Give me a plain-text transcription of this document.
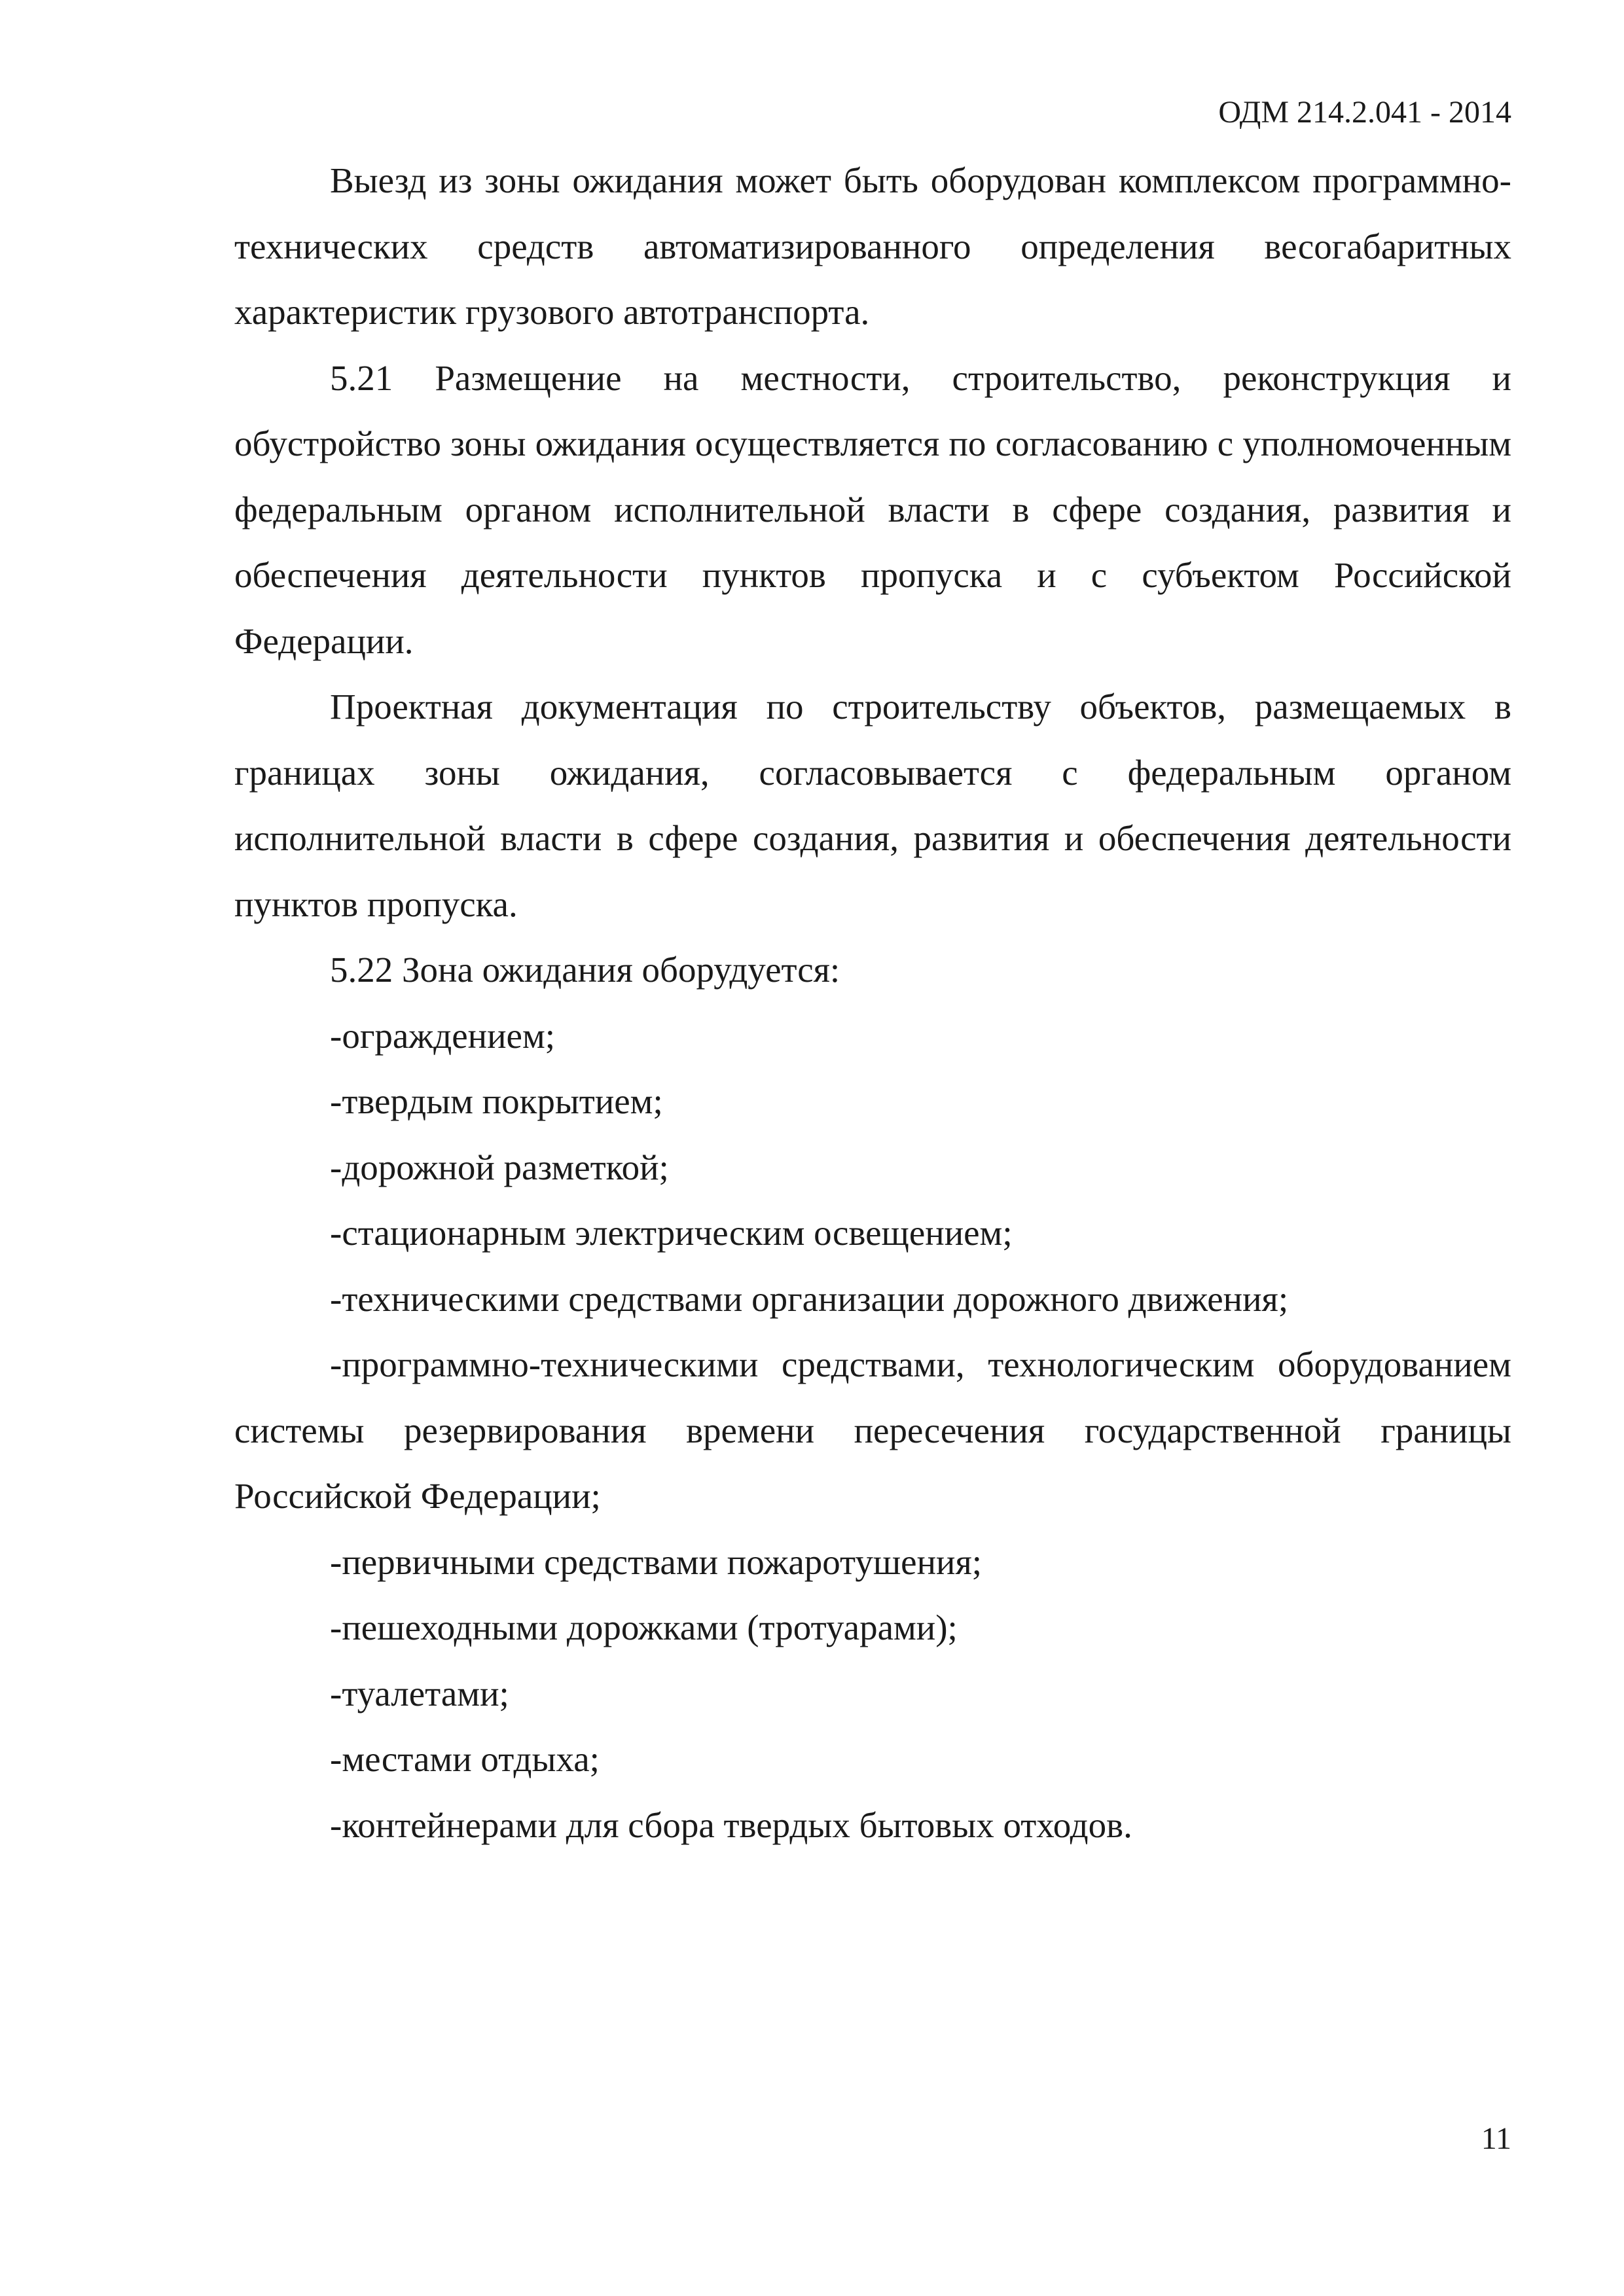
ОДМ 214.2.041 - 2014

Выезд из зоны ожидания может быть оборудован комплексом программно-технических средств автоматизированного определения весогабаритных характеристик грузового автотранспорта.

5.21 Размещение на местности, строительство, реконструкция и обустройство зоны ожидания осуществляется по согласованию с уполномоченным федеральным органом исполнительной власти в сфере создания, развития и обеспечения деятельности пунктов пропуска и с субъектом Российской Федерации.

Проектная документация по строительству объектов, размещаемых в границах зоны ожидания, согласовывается с федеральным органом исполнительной власти в сфере создания, развития и обеспечения деятельности пунктов пропуска.

5.22 Зона ожидания оборудуется:

-ограждением;

-твердым покрытием;

-дорожной разметкой;

-стационарным электрическим освещением;

-техническими средствами организации дорожного движения;

-программно-техническими средствами, технологическим оборудованием системы резервирования времени пересечения государственной границы Российской Федерации;

-первичными средствами пожаротушения;

-пешеходными дорожками (тротуарами);

-туалетами;

-местами отдыха;

-контейнерами для сбора твердых бытовых отходов.

11
